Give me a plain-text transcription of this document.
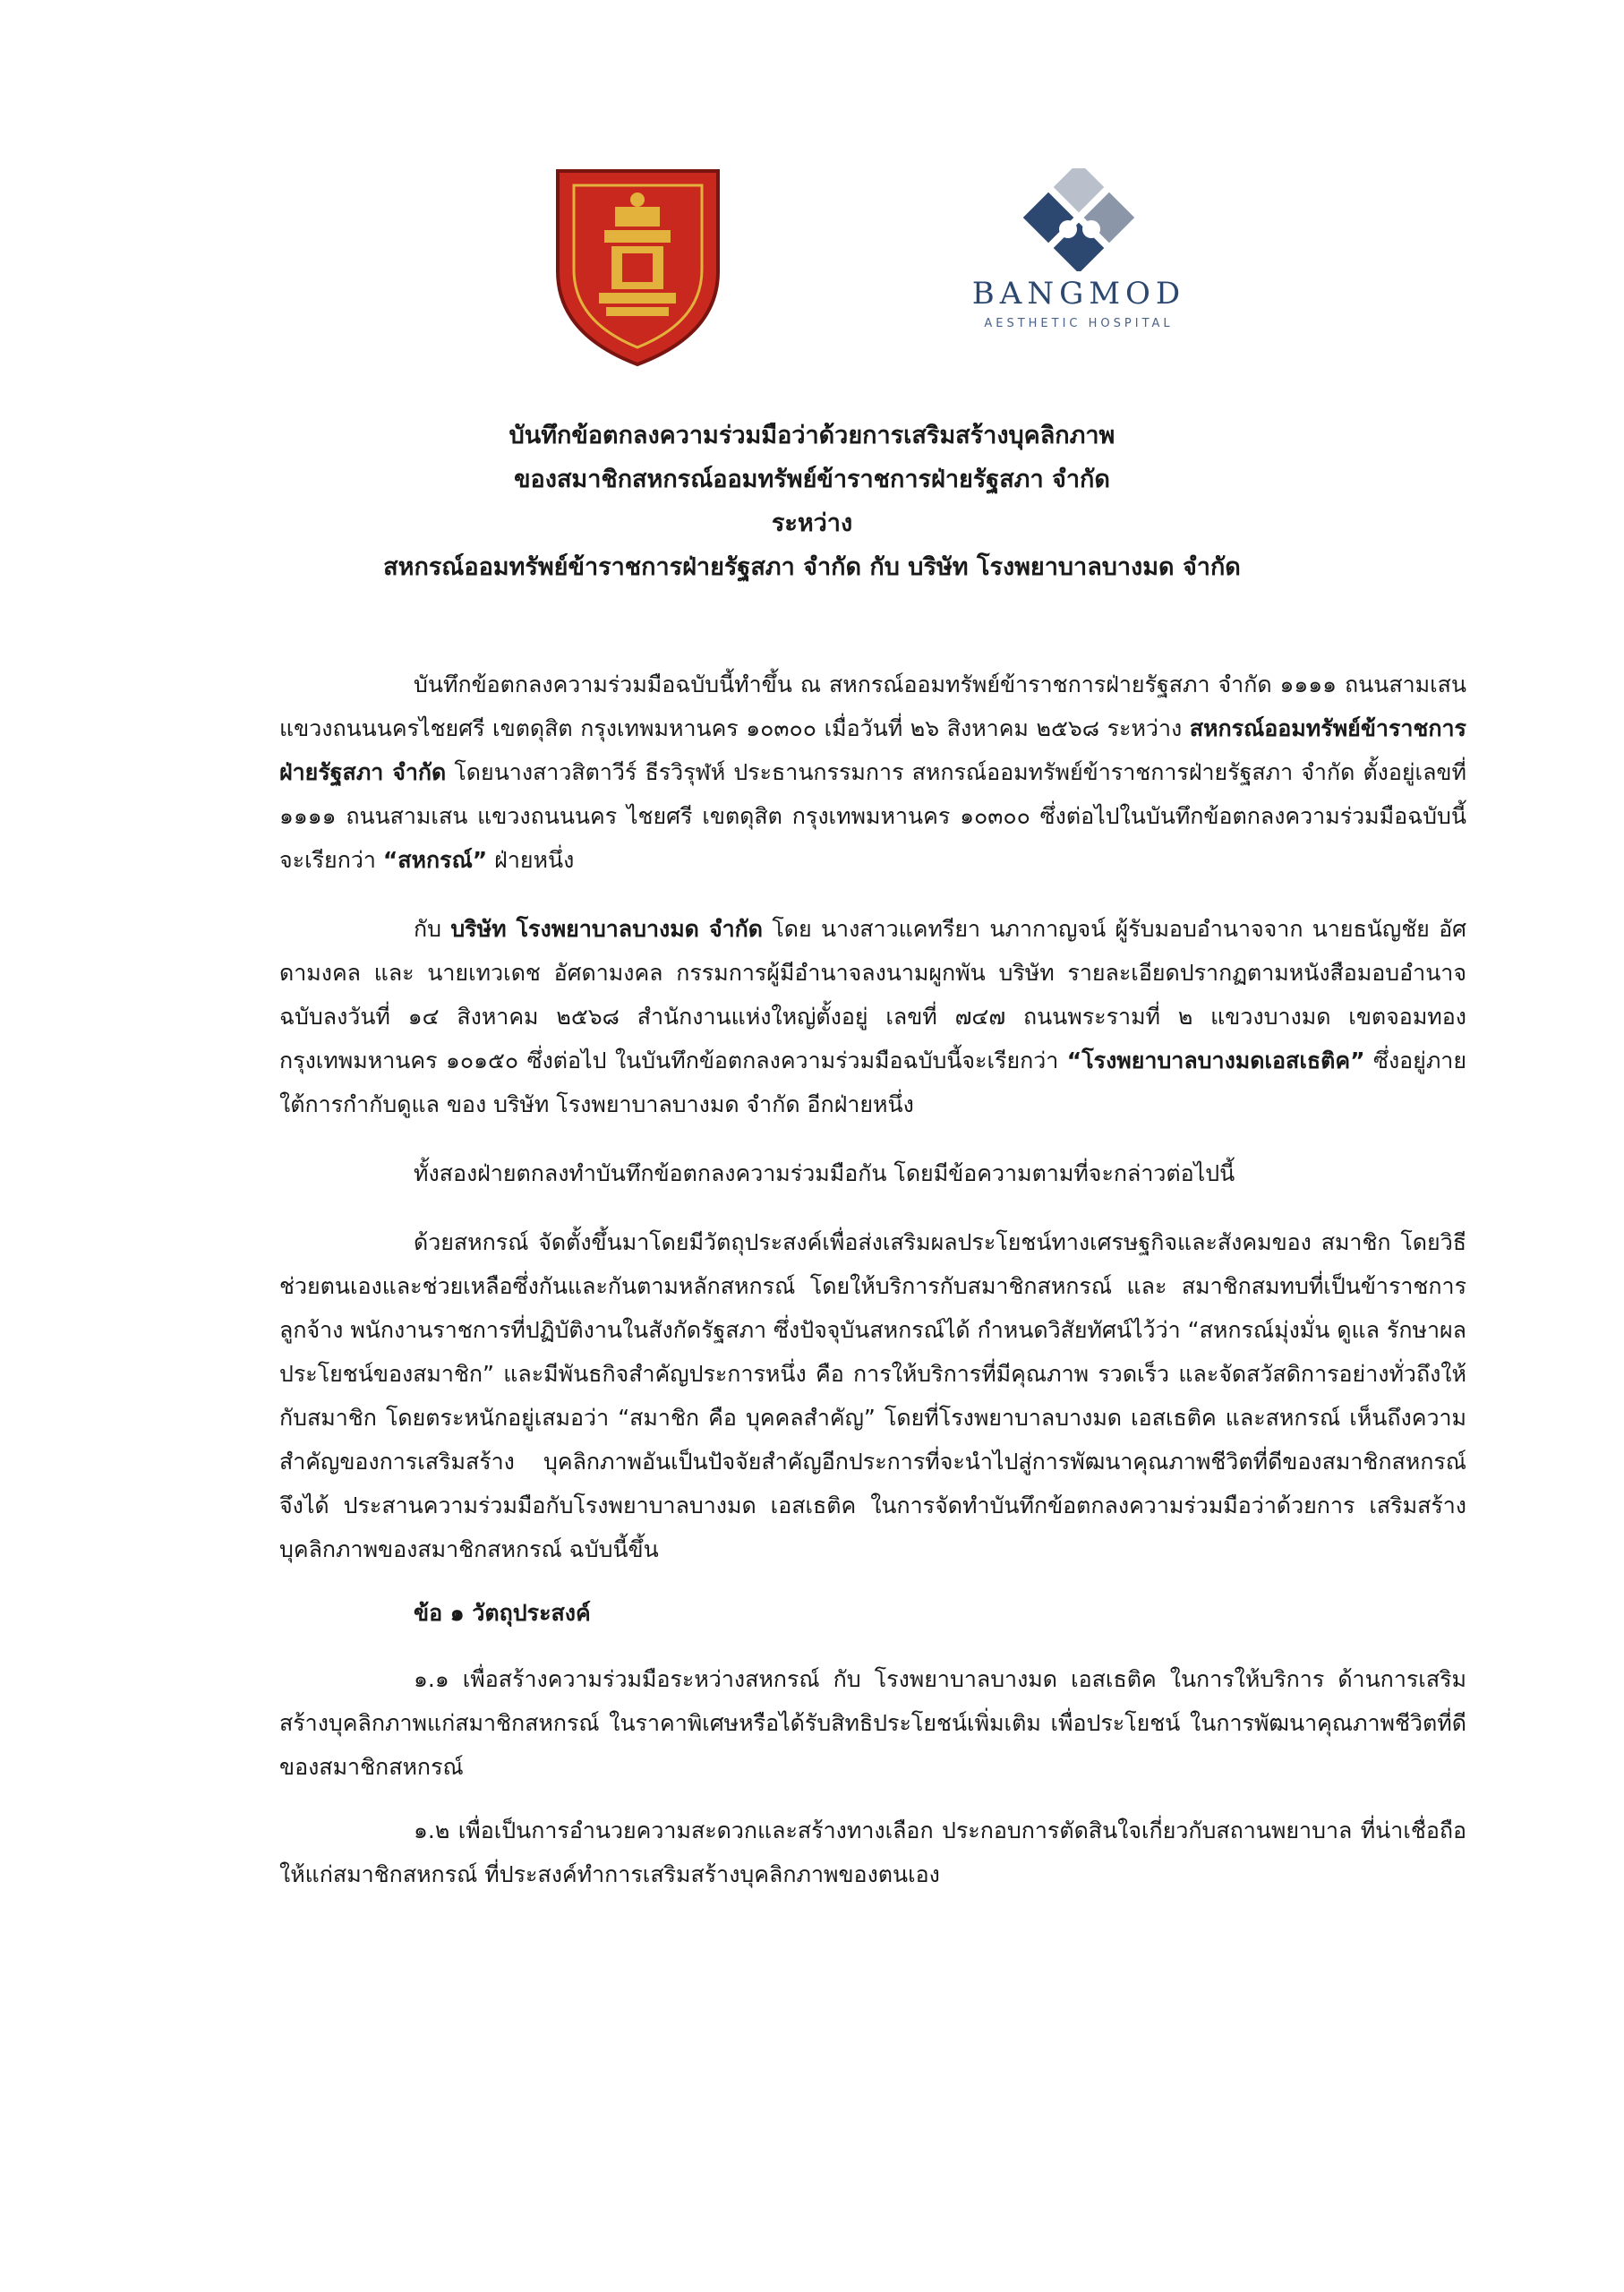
BANGMOD
AESTHETIC HOSPITAL
บันทึกข้อตกลงความร่วมมือว่าด้วยการเสริมสร้างบุคลิกภาพ
ของสมาชิกสหกรณ์ออมทรัพย์ข้าราชการฝ่ายรัฐสภา จำกัด
ระหว่าง
สหกรณ์ออมทรัพย์ข้าราชการฝ่ายรัฐสภา จำกัด กับ บริษัท โรงพยาบาลบางมด จำกัด

บันทึกข้อตกลงความร่วมมือฉบับนี้ทำขึ้น ณ สหกรณ์ออมทรัพย์ข้าราชการฝ่ายรัฐสภา จำกัด ๑๑๑๑ ถนนสามเสน แขวงถนนนครไชยศรี เขตดุสิต กรุงเทพมหานคร ๑๐๓๐๐ เมื่อวันที่ ๒๖ สิงหาคม ๒๕๖๘ ระหว่าง สหกรณ์ออมทรัพย์ข้าราชการฝ่ายรัฐสภา จำกัด โดยนางสาวสิตาวีร์ ธีรวิรุฬห์ ประธานกรรมการ สหกรณ์ออมทรัพย์ข้าราชการฝ่ายรัฐสภา จำกัด ตั้งอยู่เลขที่ ๑๑๑๑ ถนนสามเสน แขวงถนนนคร ไชยศรี เขตดุสิต กรุงเทพมหานคร ๑๐๓๐๐ ซึ่งต่อไปในบันทึกข้อตกลงความร่วมมือฉบับนี้จะเรียกว่า “สหกรณ์” ฝ่ายหนึ่ง

กับ บริษัท โรงพยาบาลบางมด จำกัด โดย นางสาวแคทรียา นภากาญจน์ ผู้รับมอบอำนาจจาก นายธนัญชัย อัศดามงคล และ นายเทวเดช อัศดามงคล กรรมการผู้มีอำนาจลงนามผูกพัน บริษัท รายละเอียดปรากฏตามหนังสือมอบอำนาจฉบับลงวันที่ ๑๔ สิงหาคม ๒๕๖๘ สำนักงานแห่งใหญ่ตั้งอยู่ เลขที่ ๗๔๗ ถนนพระรามที่ ๒ แขวงบางมด เขตจอมทอง กรุงเทพมหานคร ๑๐๑๕๐ ซึ่งต่อไป ในบันทึกข้อตกลงความร่วมมือฉบับนี้จะเรียกว่า “โรงพยาบาลบางมดเอสเธติค” ซึ่งอยู่ภายใต้การกำกับดูแล ของ บริษัท โรงพยาบาลบางมด จำกัด อีกฝ่ายหนึ่ง

ทั้งสองฝ่ายตกลงทำบันทึกข้อตกลงความร่วมมือกัน โดยมีข้อความตามที่จะกล่าวต่อไปนี้

ด้วยสหกรณ์ จัดตั้งขึ้นมาโดยมีวัตถุประสงค์เพื่อส่งเสริมผลประโยชน์ทางเศรษฐกิจและสังคมของ สมาชิก โดยวิธีช่วยตนเองและช่วยเหลือซึ่งกันและกันตามหลักสหกรณ์ โดยให้บริการกับสมาชิกสหกรณ์ และ สมาชิกสมทบที่เป็นข้าราชการ ลูกจ้าง พนักงานราชการที่ปฏิบัติงานในสังกัดรัฐสภา ซึ่งปัจจุบันสหกรณ์ได้ กำหนดวิสัยทัศน์ไว้ว่า “สหกรณ์มุ่งมั่น ดูแล รักษาผลประโยชน์ของสมาชิก” และมีพันธกิจสำคัญประการหนึ่ง คือ การให้บริการที่มีคุณภาพ รวดเร็ว และจัดสวัสดิการอย่างทั่วถึงให้กับสมาชิก โดยตระหนักอยู่เสมอว่า “สมาชิก คือ บุคคลสำคัญ” โดยที่โรงพยาบาลบางมด เอสเธติค และสหกรณ์ เห็นถึงความสำคัญของการเสริมสร้าง บุคลิกภาพอันเป็นปัจจัยสำคัญอีกประการที่จะนำไปสู่การพัฒนาคุณภาพชีวิตที่ดีของสมาชิกสหกรณ์ จึงได้ ประสานความร่วมมือกับโรงพยาบาลบางมด เอสเธติค ในการจัดทำบันทึกข้อตกลงความร่วมมือว่าด้วยการ เสริมสร้างบุคลิกภาพของสมาชิกสหกรณ์ ฉบับนี้ขึ้น

ข้อ ๑ วัตถุประสงค์

๑.๑ เพื่อสร้างความร่วมมือระหว่างสหกรณ์ กับ โรงพยาบาลบางมด เอสเธติค ในการให้บริการ ด้านการเสริมสร้างบุคลิกภาพแก่สมาชิกสหกรณ์ ในราคาพิเศษหรือได้รับสิทธิประโยชน์เพิ่มเติม เพื่อประโยชน์ ในการพัฒนาคุณภาพชีวิตที่ดีของสมาชิกสหกรณ์

๑.๒ เพื่อเป็นการอำนวยความสะดวกและสร้างทางเลือก ประกอบการตัดสินใจเกี่ยวกับสถานพยาบาล ที่น่าเชื่อถือให้แก่สมาชิกสหกรณ์ ที่ประสงค์ทำการเสริมสร้างบุคลิกภาพของตนเอง
